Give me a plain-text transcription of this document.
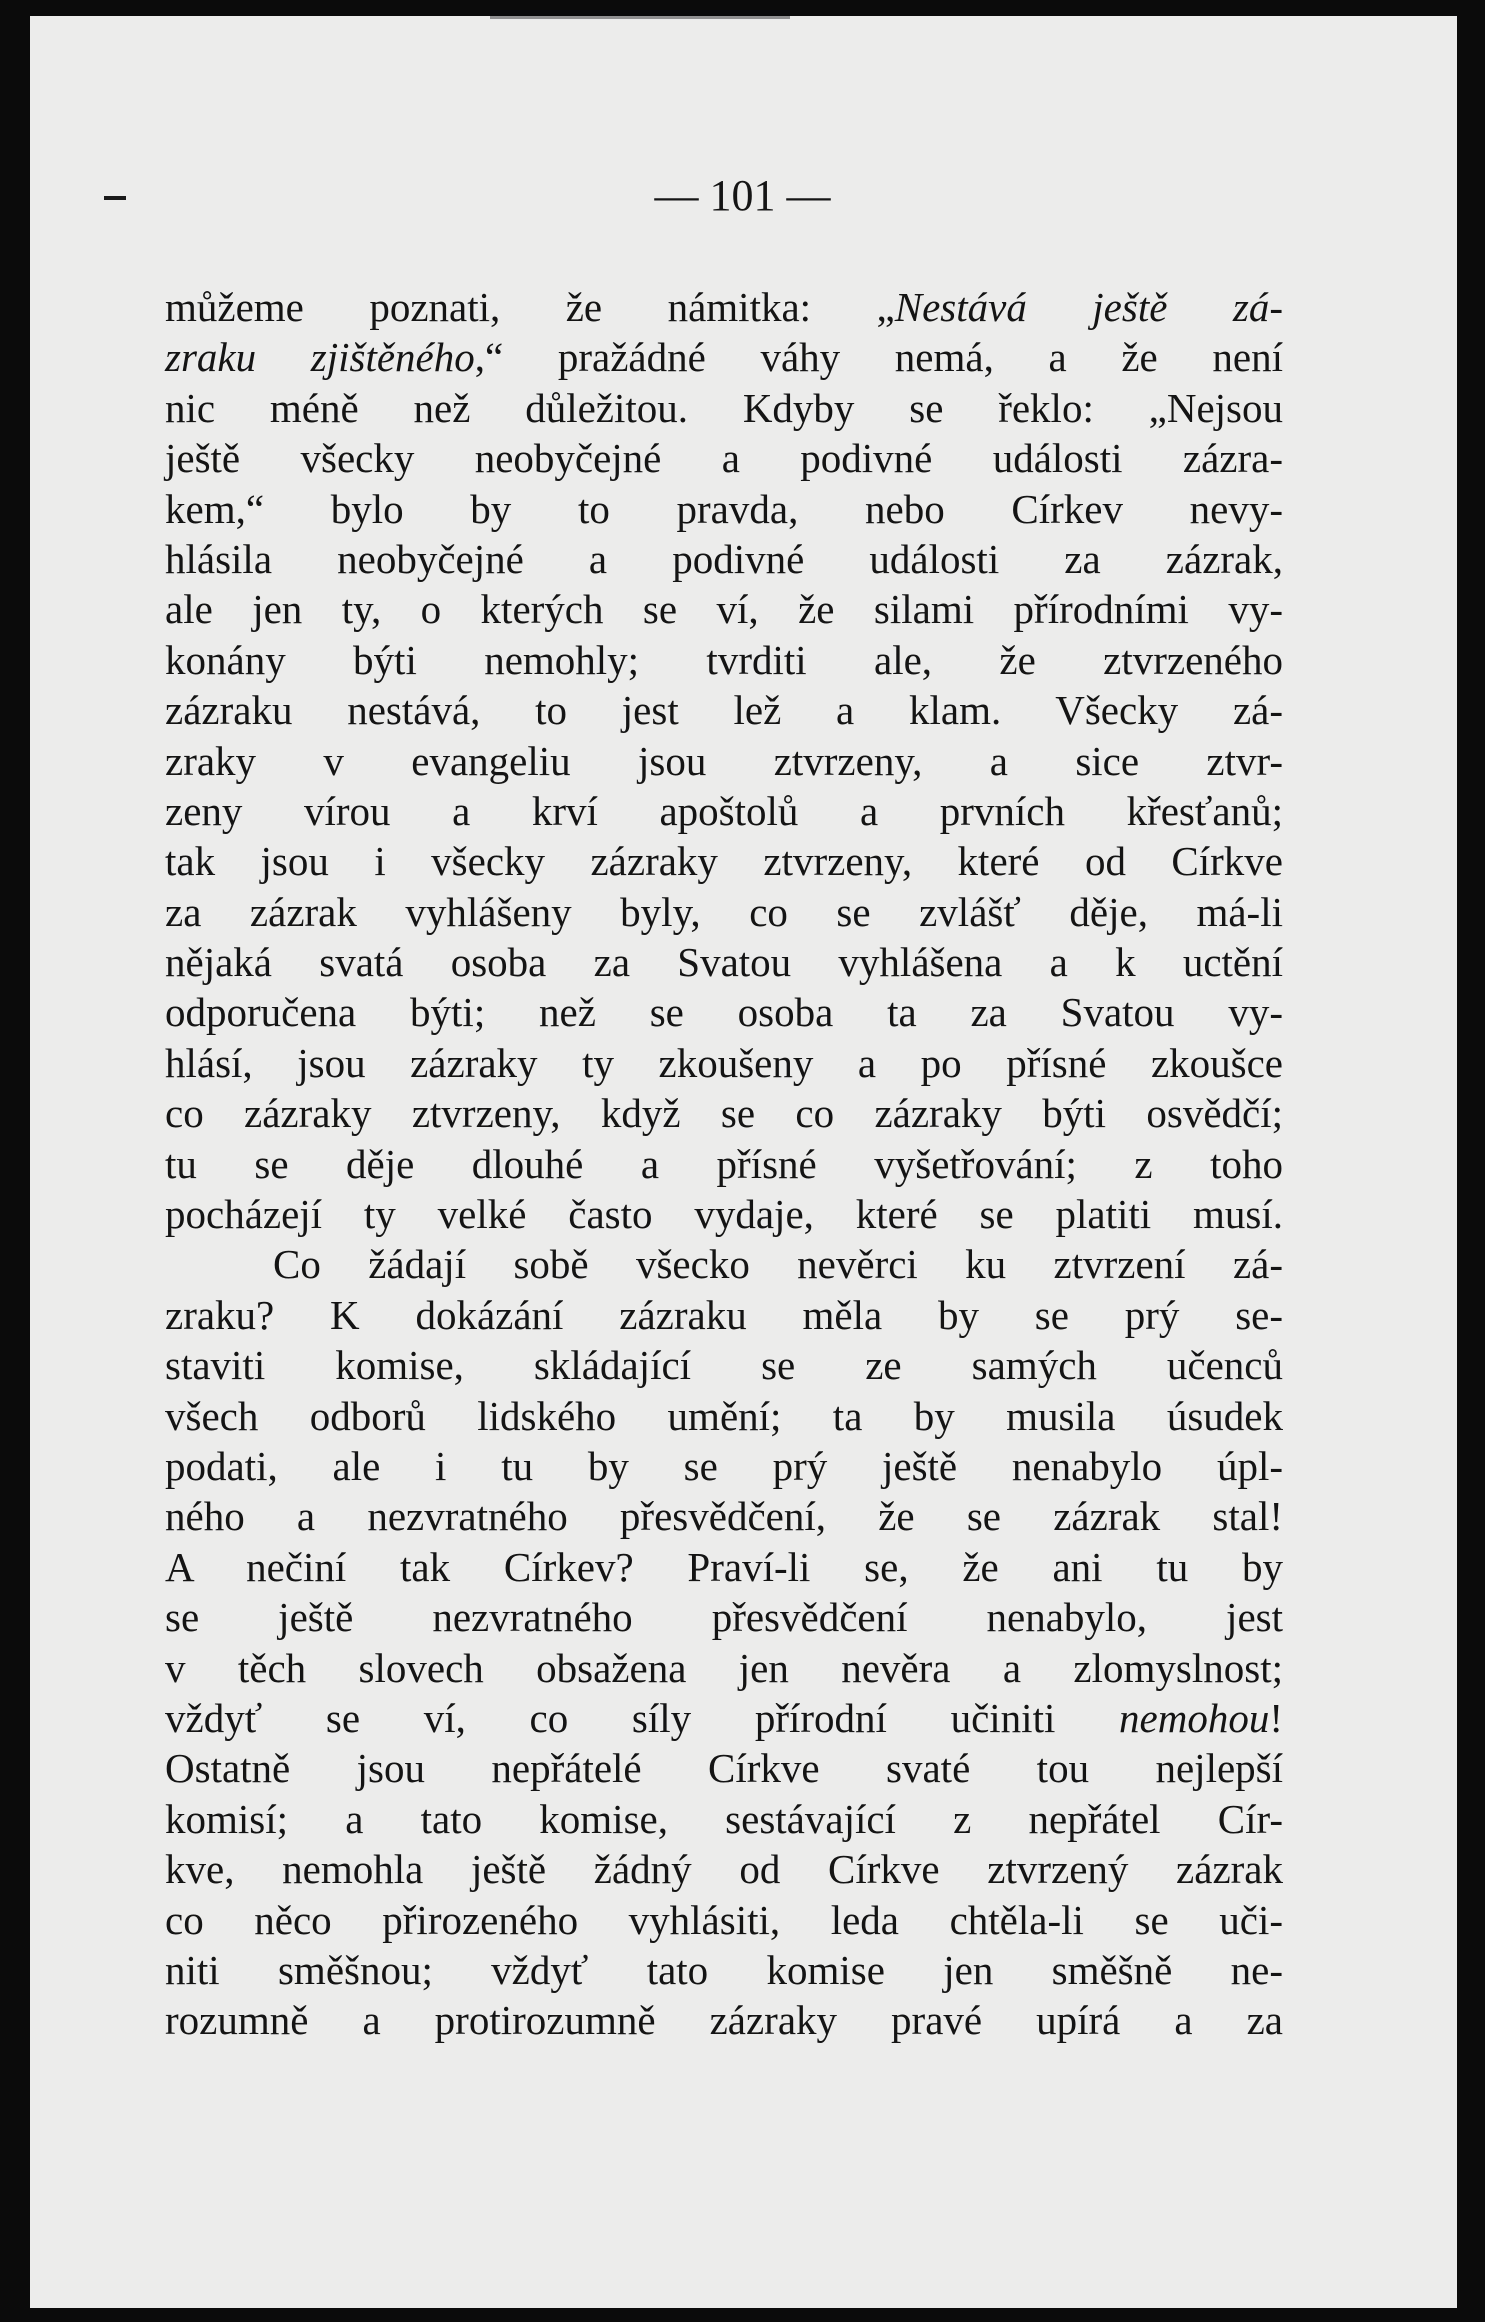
— 101 —

můžeme poznati, že námitka: „Nestává ještě zá-
zraku zjištěného,“ pražádné váhy nemá, a že není
nic méně než důležitou. Kdyby se řeklo: „Nejsou
ještě všecky neobyčejné a podivné události zázra-
kem,“ bylo by to pravda, nebo Církev nevy-
hlásila neobyčejné a podivné události za zázrak,
ale jen ty, o kterých se ví, že silami přírodními vy-
konány býti nemohly; tvrditi ale, že ztvrzeného
zázraku nestává, to jest lež a klam. Všecky zá-
zraky v evangeliu jsou ztvrzeny, a sice ztvr-
zeny vírou a krví apoštolů a prvních křesťanů;
tak jsou i všecky zázraky ztvrzeny, které od Církve
za zázrak vyhlášeny byly, co se zvlášť děje, má-li
nějaká svatá osoba za Svatou vyhlášena a k uctění
odporučena býti; než se osoba ta za Svatou vy-
hlásí, jsou zázraky ty zkoušeny a po přísné zkoušce
co zázraky ztvrzeny, když se co zázraky býti osvědčí;
tu se děje dlouhé a přísné vyšetřování; z toho
pocházejí ty velké často vydaje, které se platiti musí.
Co žádají sobě všecko nevěrci ku ztvrzení zá-
zraku? K dokázání zázraku měla by se prý se-
staviti komise, skládající se ze samých učenců
všech odborů lidského umění; ta by musila úsudek
podati, ale i tu by se prý ještě nenabylo úpl-
ného a nezvratného přesvědčení, že se zázrak stal!
A nečiní tak Církev? Praví-li se, že ani tu by
se ještě nezvratného přesvědčení nenabylo, jest
v těch slovech obsažena jen nevěra a zlomyslnost;
vždyť se ví, co síly přírodní učiniti nemohou!
Ostatně jsou nepřátelé Církve svaté tou nejlepší
komisí; a tato komise, sestávající z nepřátel Cír-
kve, nemohla ještě žádný od Církve ztvrzený zázrak
co něco přirozeného vyhlásiti, leda chtěla-li se uči-
niti směšnou; vždyť tato komise jen směšně ne-
rozumně a protirozumně zázraky pravé upírá a za
